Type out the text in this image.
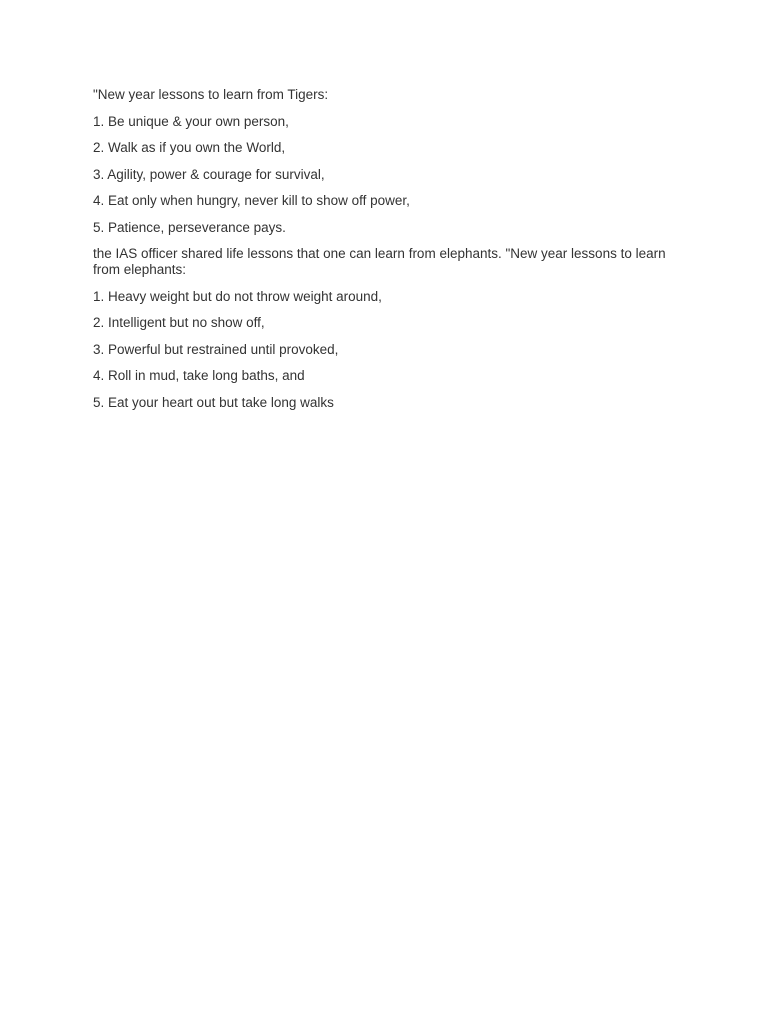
"New year lessons to learn from Tigers:

1. Be unique & your own person,

2. Walk as if you own the World,

3. Agility, power & courage for survival,

4. Eat only when hungry, never kill to show off power,

5. Patience, perseverance pays.

the IAS officer shared life lessons that one can learn from elephants. "New year lessons to learn from elephants:

1. Heavy weight but do not throw weight around,

2. Intelligent but no show off,

3. Powerful but restrained until provoked,

4. Roll in mud, take long baths, and

5. Eat your heart out but take long walks
